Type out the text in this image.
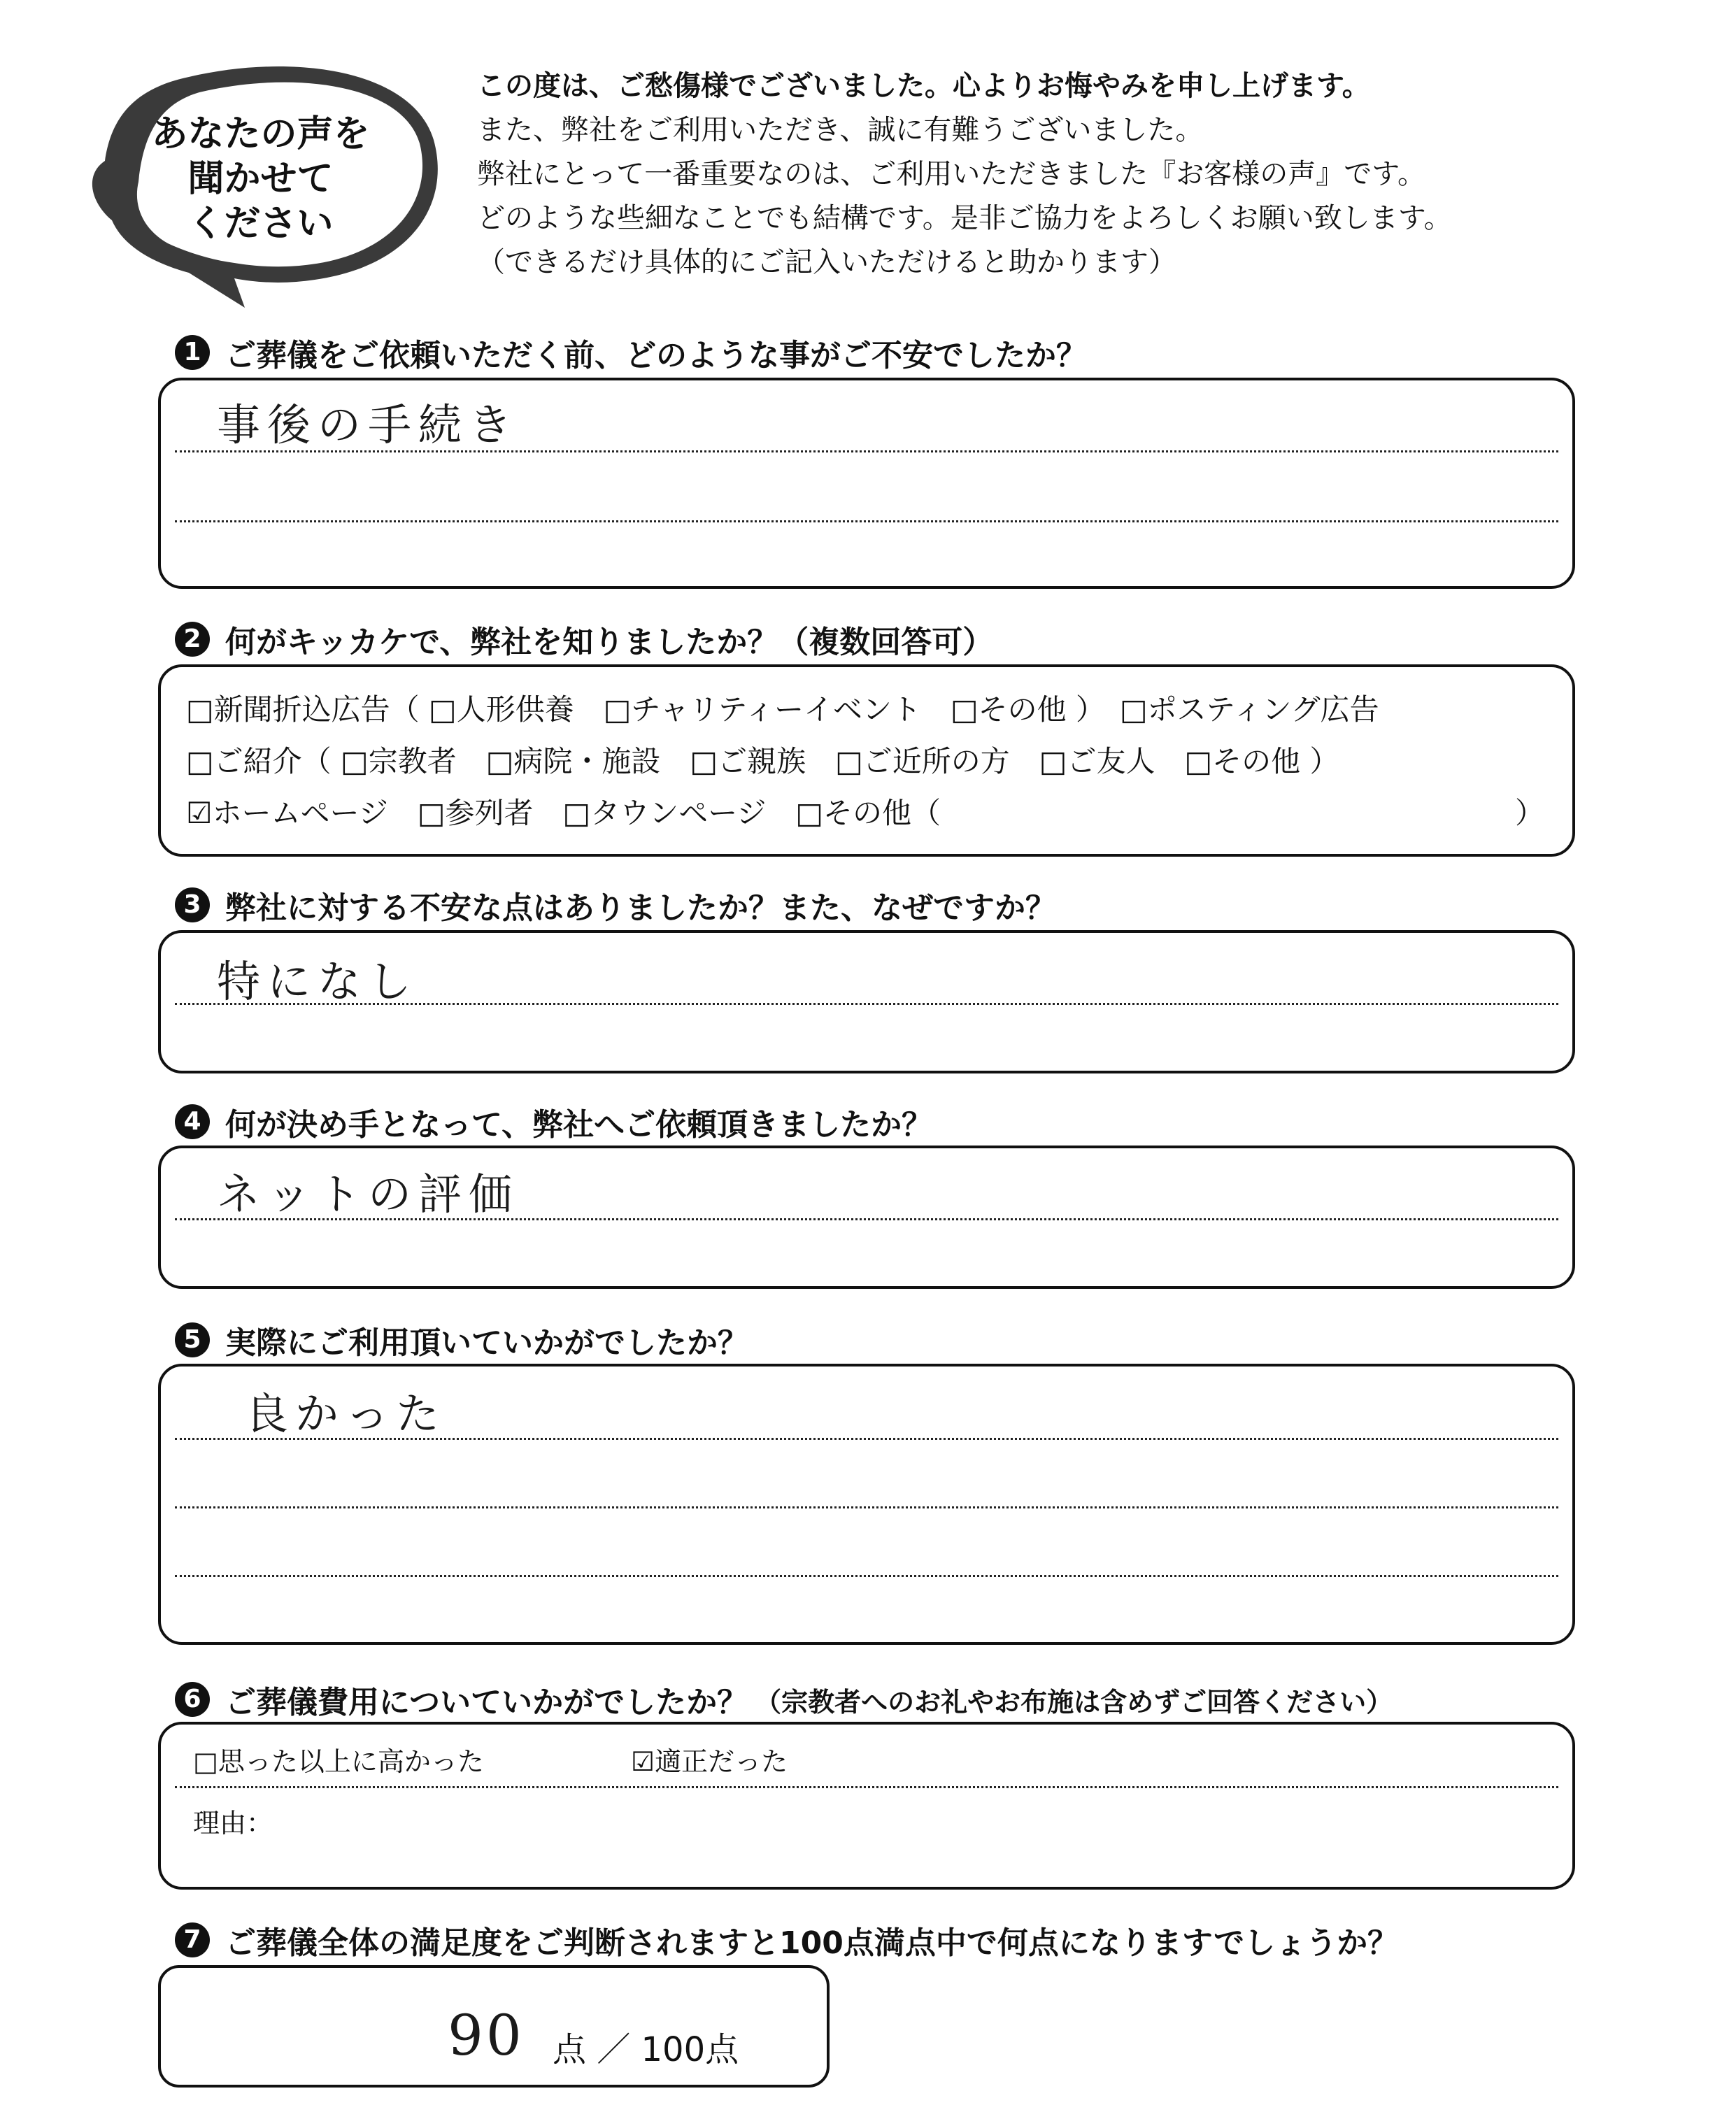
あなたの声を
聞かせて
ください
この度は、ご愁傷様でございました。心よりお悔やみを申し上げます。
また、弊社をご利用いただき、誠に有難うございました。
弊社にとって一番重要なのは、ご利用いただきました『お客様の声』です。
どのような些細なことでも結構です。是非ご協力をよろしくお願い致します。
（できるだけ具体的にご記入いただけると助かります）
1 ご葬儀をご依頼いただく前、どのような事がご不安でしたか？
事後の手続き
2 何がキッカケで、弊社を知りましたか？（複数回答可）
□新聞折込広告（ □人形供養　□チャリティーイベント　□その他 ）　□ポスティング広告
□ご紹介（ □宗教者　□病院・施設　□ご親族　□ご近所の方　□ご友人　□その他 ）
☑ホームページ　 □参列者　□タウンページ　□その他（	）
3 弊社に対する不安な点はありましたか？また、なぜですか？
特になし
4 何が決め手となって、弊社へご依頼頂きましたか？
ネットの評価
5 実際にご利用頂いていかがでしたか？
良かった
6 ご葬儀費用についていかがでしたか？ （宗教者へのお礼やお布施は含めずご回答ください）
□思った以上に高かった	☑適正だった
理由：
7 ご葬儀全体の満足度をご判断されますと100点満点中で何点になりますでしょうか？
90 点 ／ 100点
